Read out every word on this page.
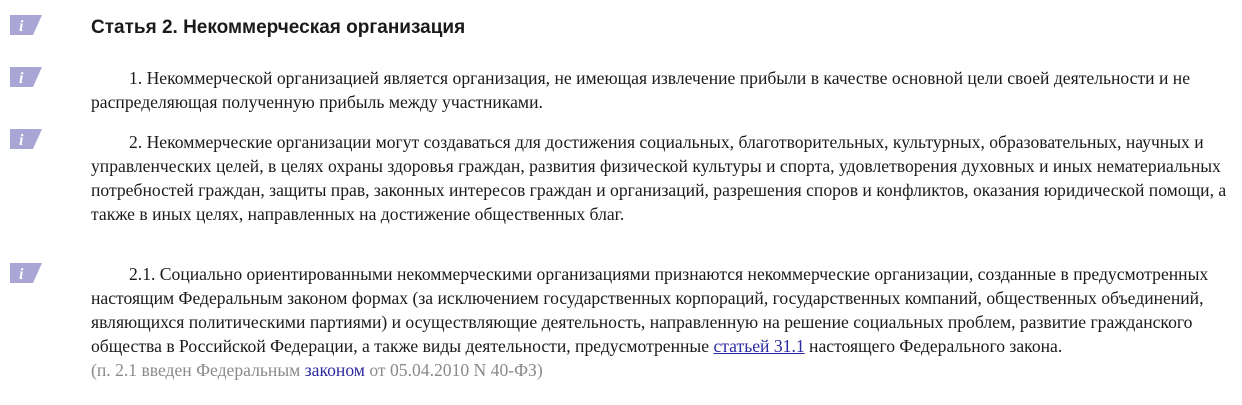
i	Статья 2. Некоммерческая организация
i	1. Некоммерческой организацией является организация, не имеющая извлечение прибыли в качестве основной цели своей деятельности и не распределяющая полученную прибыль между участниками.

i	2. Некоммерческие организации могут создаваться для достижения социальных, благотворительных, культурных, образовательных, научных и управленческих целей, в целях охраны здоровья граждан, развития физической культуры и спорта, удовлетворения духовных и иных нематериальных потребностей граждан, защиты прав, законных интересов граждан и организаций, разрешения споров и конфликтов, оказания юридической помощи, а также в иных целях, направленных на достижение общественных благ.

i	2.1. Социально ориентированными некоммерческими организациями признаются некоммерческие организации, созданные в предусмотренных настоящим Федеральным законом формах (за исключением государственных корпораций, государственных компаний, общественных объединений, являющихся политическими партиями) и осуществляющие деятельность, направленную на решение социальных проблем, развитие гражданского общества в Российской Федерации, а также виды деятельности, предусмотренные статьей 31.1 настоящего Федерального закона.

(п. 2.1 введен Федеральным законом от 05.04.2010 N 40-ФЗ)
